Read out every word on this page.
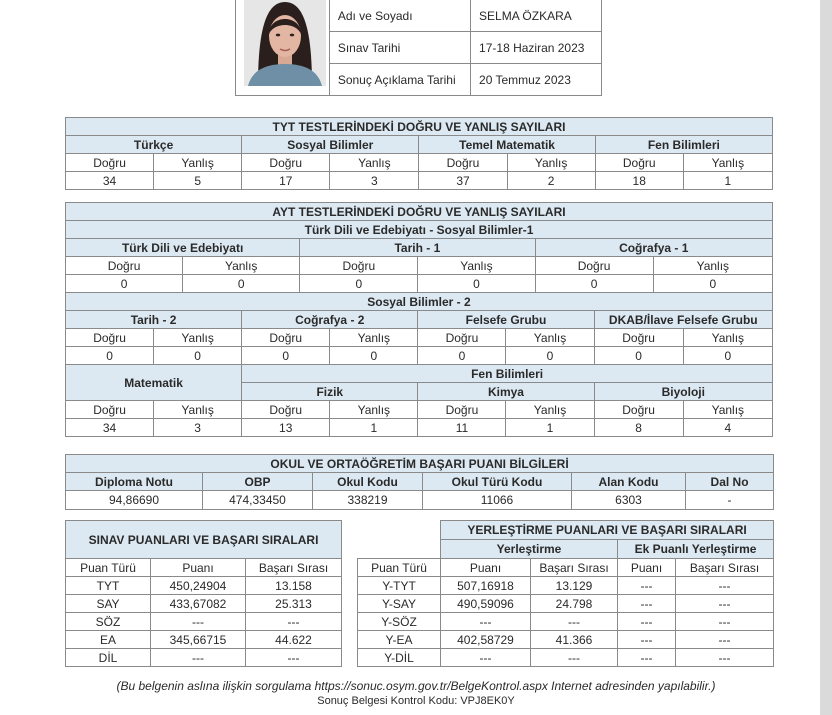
	Adı ve Soyadı	SELMA ÖZKARA
	Sınav Tarihi	17-18 Haziran 2023
	Sonuç Açıklama Tarihi	20 Temmuz 2023
TYT TESTLERİNDEKİ DOĞRU VE YANLIŞ SAYILARI							
Türkçe		Sosyal Bilimler		Temel Matematik		Fen Bilimleri	
Doğru	Yanlış	Doğru	Yanlış	Doğru	Yanlış	Doğru	Yanlış
34	5	17	3	37	2	18	1
AYT TESTLERİNDEKİ DOĞRU VE YANLIŞ SAYILARI											
Türk Dili ve Edebiyatı - Sosyal Bilimler-1											
Türk Dili ve Edebiyatı				Tarih - 1				Coğrafya - 1			
Doğru		Yanlış		Doğru		Yanlış		Doğru		Yanlış	
0		0		0		0		0		0	
Sosyal Bilimler - 2											
Tarih - 2			Coğrafya - 2			Felsefe Grubu			DKAB/İlave Felsefe Grubu		
Doğru	Yanlış		Doğru		Yanlış	Doğru	Yanlış		Doğru		Yanlış
0	0		0		0	0	0		0		0
Matematik			Fen Bilimleri								
			Fizik			Kimya			Biyoloji		
Doğru	Yanlış		Doğru		Yanlış	Doğru	Yanlış		Doğru		Yanlış
34	3		13		1	11	1		8		4
OKUL VE ORTAÖĞRETİM BAŞARI PUANI BİLGİLERİ					
Diploma Notu	OBP	Okul Kodu	Okul Türü Kodu	Alan Kodu	Dal No
94,86690	474,33450	338219	11066	6303	-
SINAV PUANLARI VE BAŞARI SIRALARI		
Puan Türü	Puanı	Başarı Sırası
TYT	450,24904	13.158
SAY	433,67082	25.313
SÖZ	---	---
EA	345,66715	44.622
DİL	---	---
	YERLEŞTİRME PUANLARI VE BAŞARI SIRALARI			
	Yerleştirme		Ek Puanlı Yerleştirme	
Puan Türü	Puanı	Başarı Sırası	Puanı	Başarı Sırası
Y-TYT	507,16918	13.129	---	---
Y-SAY	490,59096	24.798	---	---
Y-SÖZ	---	---	---	---
Y-EA	402,58729	41.366	---	---
Y-DİL	---	---	---	---
(Bu belgenin aslına ilişkin sorgulama https://sonuc.osym.gov.tr/BelgeKontrol.aspx Internet adresinden yapılabilir.)
Sonuç Belgesi Kontrol Kodu: VPJ8EK0Y
